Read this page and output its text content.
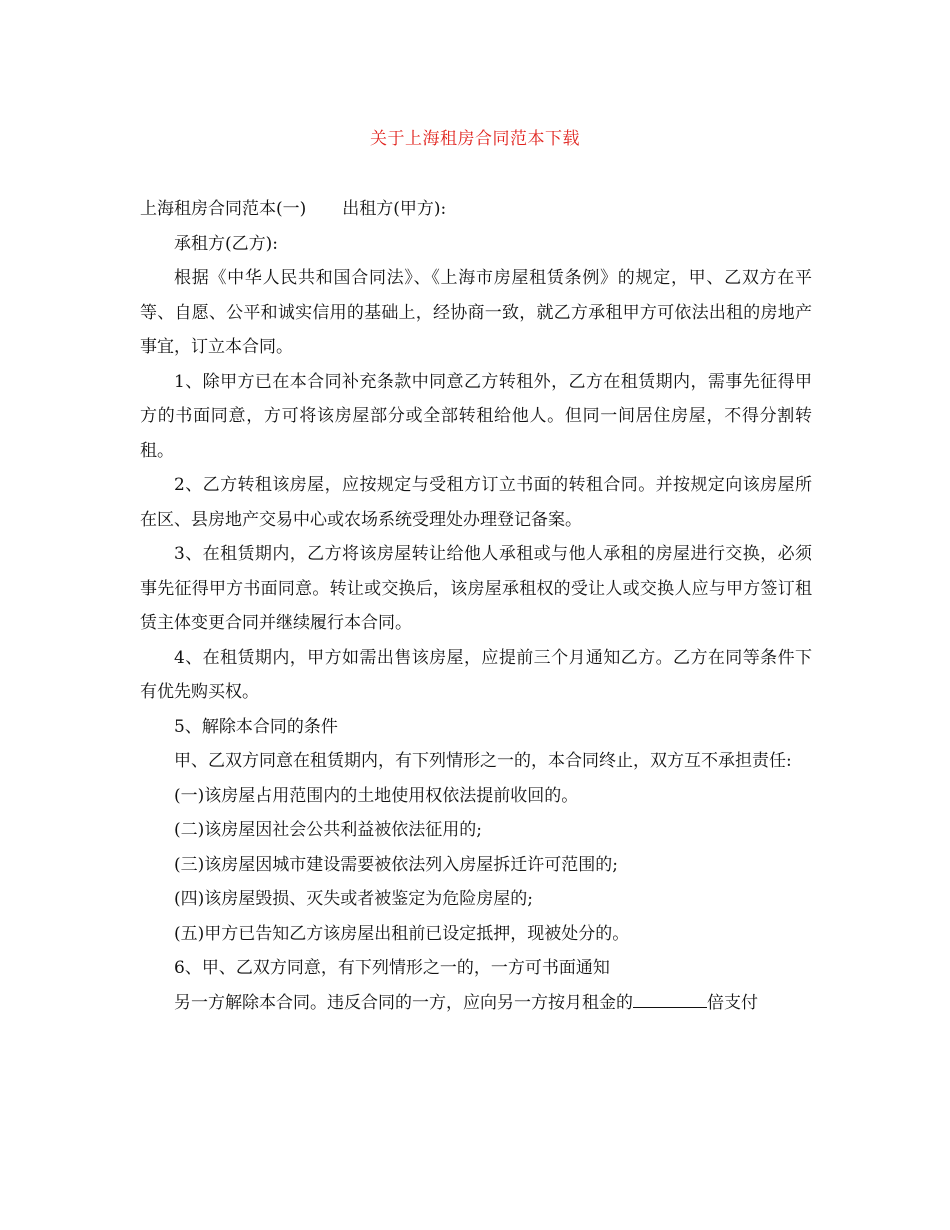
关于上海租房合同范本下载

上海租房合同范本(一) 出租方(甲方):

承租方(乙方):

根据《中华人民共和国合同法》、《上海市房屋租赁条例》的规定，甲、乙双方在平等、自愿、公平和诚实信用的基础上，经协商一致，就乙方承租甲方可依法出租的房地产事宜，订立本合同。

1、除甲方已在本合同补充条款中同意乙方转租外，乙方在租赁期内，需事先征得甲方的书面同意，方可将该房屋部分或全部转租给他人。但同一间居住房屋，不得分割转租。

2、乙方转租该房屋，应按规定与受租方订立书面的转租合同。并按规定向该房屋所在区、县房地产交易中心或农场系统受理处办理登记备案。

3、在租赁期内，乙方将该房屋转让给他人承租或与他人承租的房屋进行交换，必须事先征得甲方书面同意。转让或交换后，该房屋承租权的受让人或交换人应与甲方签订租赁主体变更合同并继续履行本合同。

4、在租赁期内，甲方如需出售该房屋，应提前三个月通知乙方。乙方在同等条件下有优先购买权。

5、解除本合同的条件

甲、乙双方同意在租赁期内，有下列情形之一的，本合同终止，双方互不承担责任:

(一)该房屋占用范围内的土地使用权依法提前收回的。

(二)该房屋因社会公共利益被依法征用的;

(三)该房屋因城市建设需要被依法列入房屋拆迁许可范围的;

(四)该房屋毁损、灭失或者被鉴定为危险房屋的;

(五)甲方已告知乙方该房屋出租前已设定抵押，现被处分的。

6、甲、乙双方同意，有下列情形之一的，一方可书面通知

另一方解除本合同。违反合同的一方，应向另一方按月租金的	倍支付
